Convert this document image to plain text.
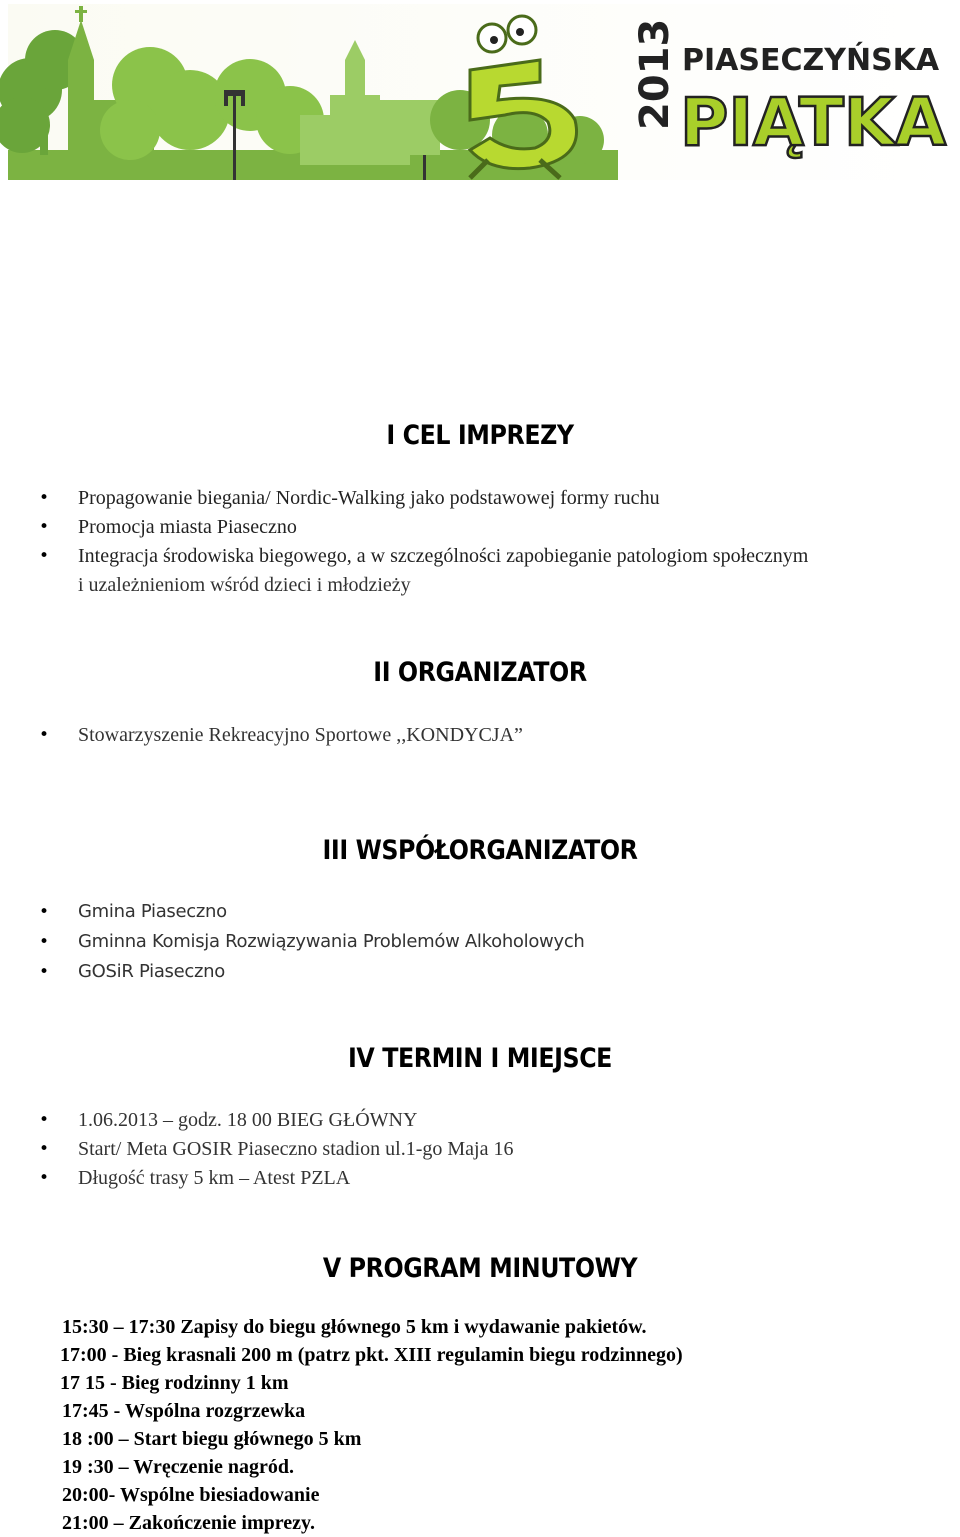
2013 PIASECZYŃSKA
PIĄTKA
I CEL IMPREZY
• Propagowanie biegania/ Nordic-Walking jako podstawowej formy ruchu
• Promocja miasta Piaseczno
• Integracja środowiska biegowego, a w szczególności zapobieganie patologiom społecznym
i uzależnieniom wśród dzieci i młodzieży
II ORGANIZATOR
• Stowarzyszenie Rekreacyjno Sportowe ,,KONDYCJA”
III WSPÓŁORGANIZATOR
• Gmina Piaseczno
• Gminna Komisja Rozwiązywania Problemów Alkoholowych
• GOSiR Piaseczno
IV TERMIN I MIEJSCE
• 1.06.2013 – godz. 18 00 BIEG GŁÓWNY
• Start/ Meta GOSIR Piaseczno stadion ul.1-go Maja 16
• Długość trasy 5 km – Atest PZLA
V PROGRAM MINUTOWY
15:30 – 17:30 Zapisy do biegu głównego 5 km i wydawanie pakietów.
17:00 - Bieg krasnali 200 m (patrz pkt. XIII regulamin biegu rodzinnego)
17 15 - Bieg rodzinny 1 km
17:45 - Wspólna rozgrzewka
18 :00 – Start biegu głównego 5 km
19 :30 – Wręczenie nagród.
20:00- Wspólne biesiadowanie
21:00 – Zakończenie imprezy.
